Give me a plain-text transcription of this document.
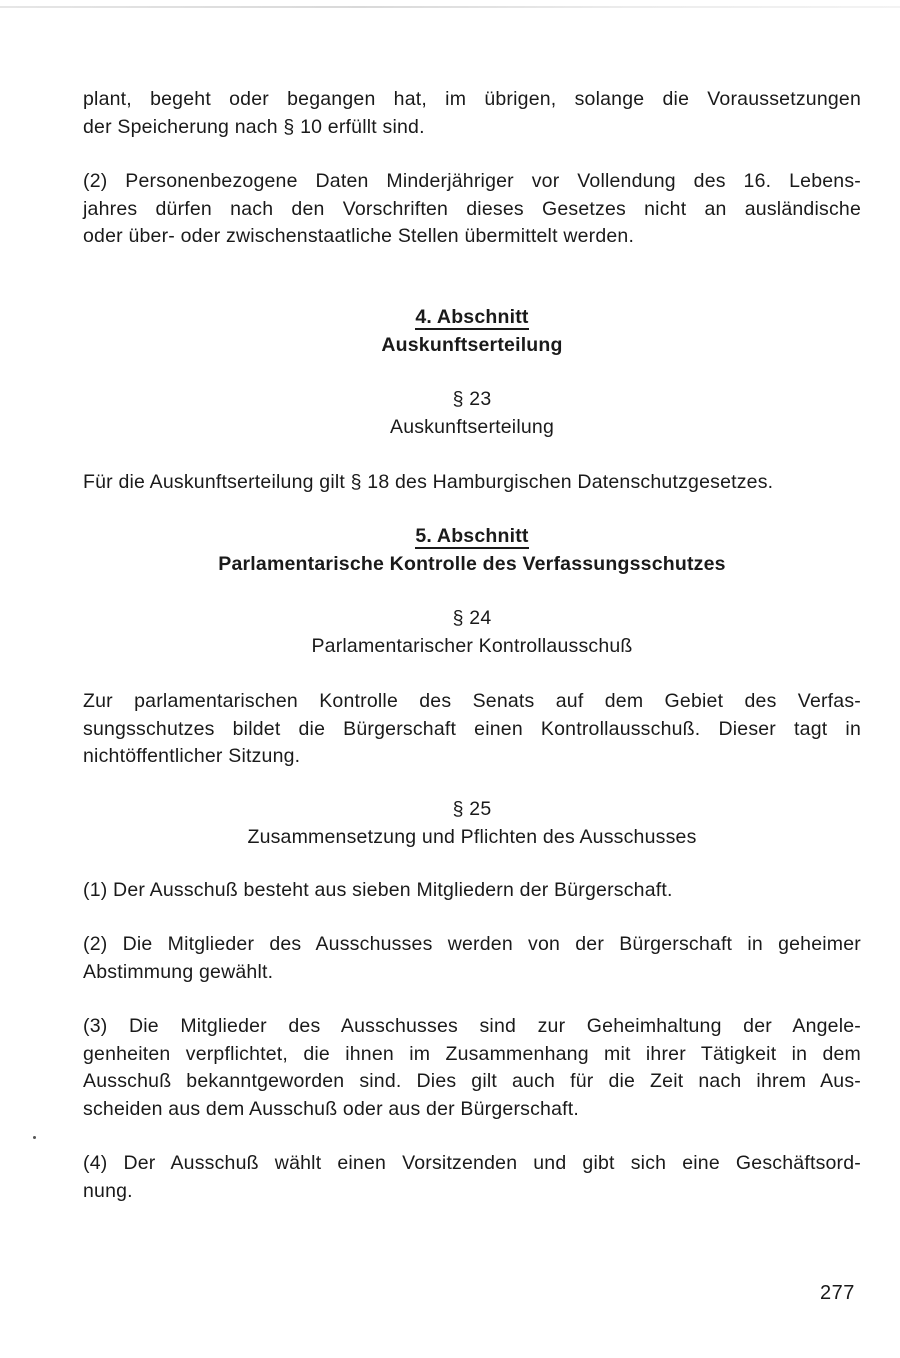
plant, begeht oder begangen hat, im übrigen, solange die Voraussetzungen
der Speicherung nach § 10 erfüllt sind.
(2) Personenbezogene Daten Minderjähriger vor Vollendung des 16. Lebens-
jahres dürfen nach den Vorschriften dieses Gesetzes nicht an ausländische
oder über- oder zwischenstaatliche Stellen übermittelt werden.
4. Abschnitt
Auskunftserteilung
§ 23
Auskunftserteilung
Für die Auskunftserteilung gilt § 18 des Hamburgischen Datenschutzgesetzes.
5. Abschnitt
Parlamentarische Kontrolle des Verfassungsschutzes
§ 24
Parlamentarischer Kontrollausschuß
Zur parlamentarischen Kontrolle des Senats auf dem Gebiet des Verfas-
sungsschutzes bildet die Bürgerschaft einen Kontrollausschuß. Dieser tagt in
nichtöffentlicher Sitzung.
§ 25
Zusammensetzung und Pflichten des Ausschusses
(1) Der Ausschuß besteht aus sieben Mitgliedern der Bürgerschaft.
(2) Die Mitglieder des Ausschusses werden von der Bürgerschaft in geheimer
Abstimmung gewählt.
(3) Die Mitglieder des Ausschusses sind zur Geheimhaltung der Angele-
genheiten verpflichtet, die ihnen im Zusammenhang mit ihrer Tätigkeit in dem
Ausschuß bekanntgeworden sind. Dies gilt auch für die Zeit nach ihrem Aus-
scheiden aus dem Ausschuß oder aus der Bürgerschaft.
(4) Der Ausschuß wählt einen Vorsitzenden und gibt sich eine Geschäftsord-
nung.
277
